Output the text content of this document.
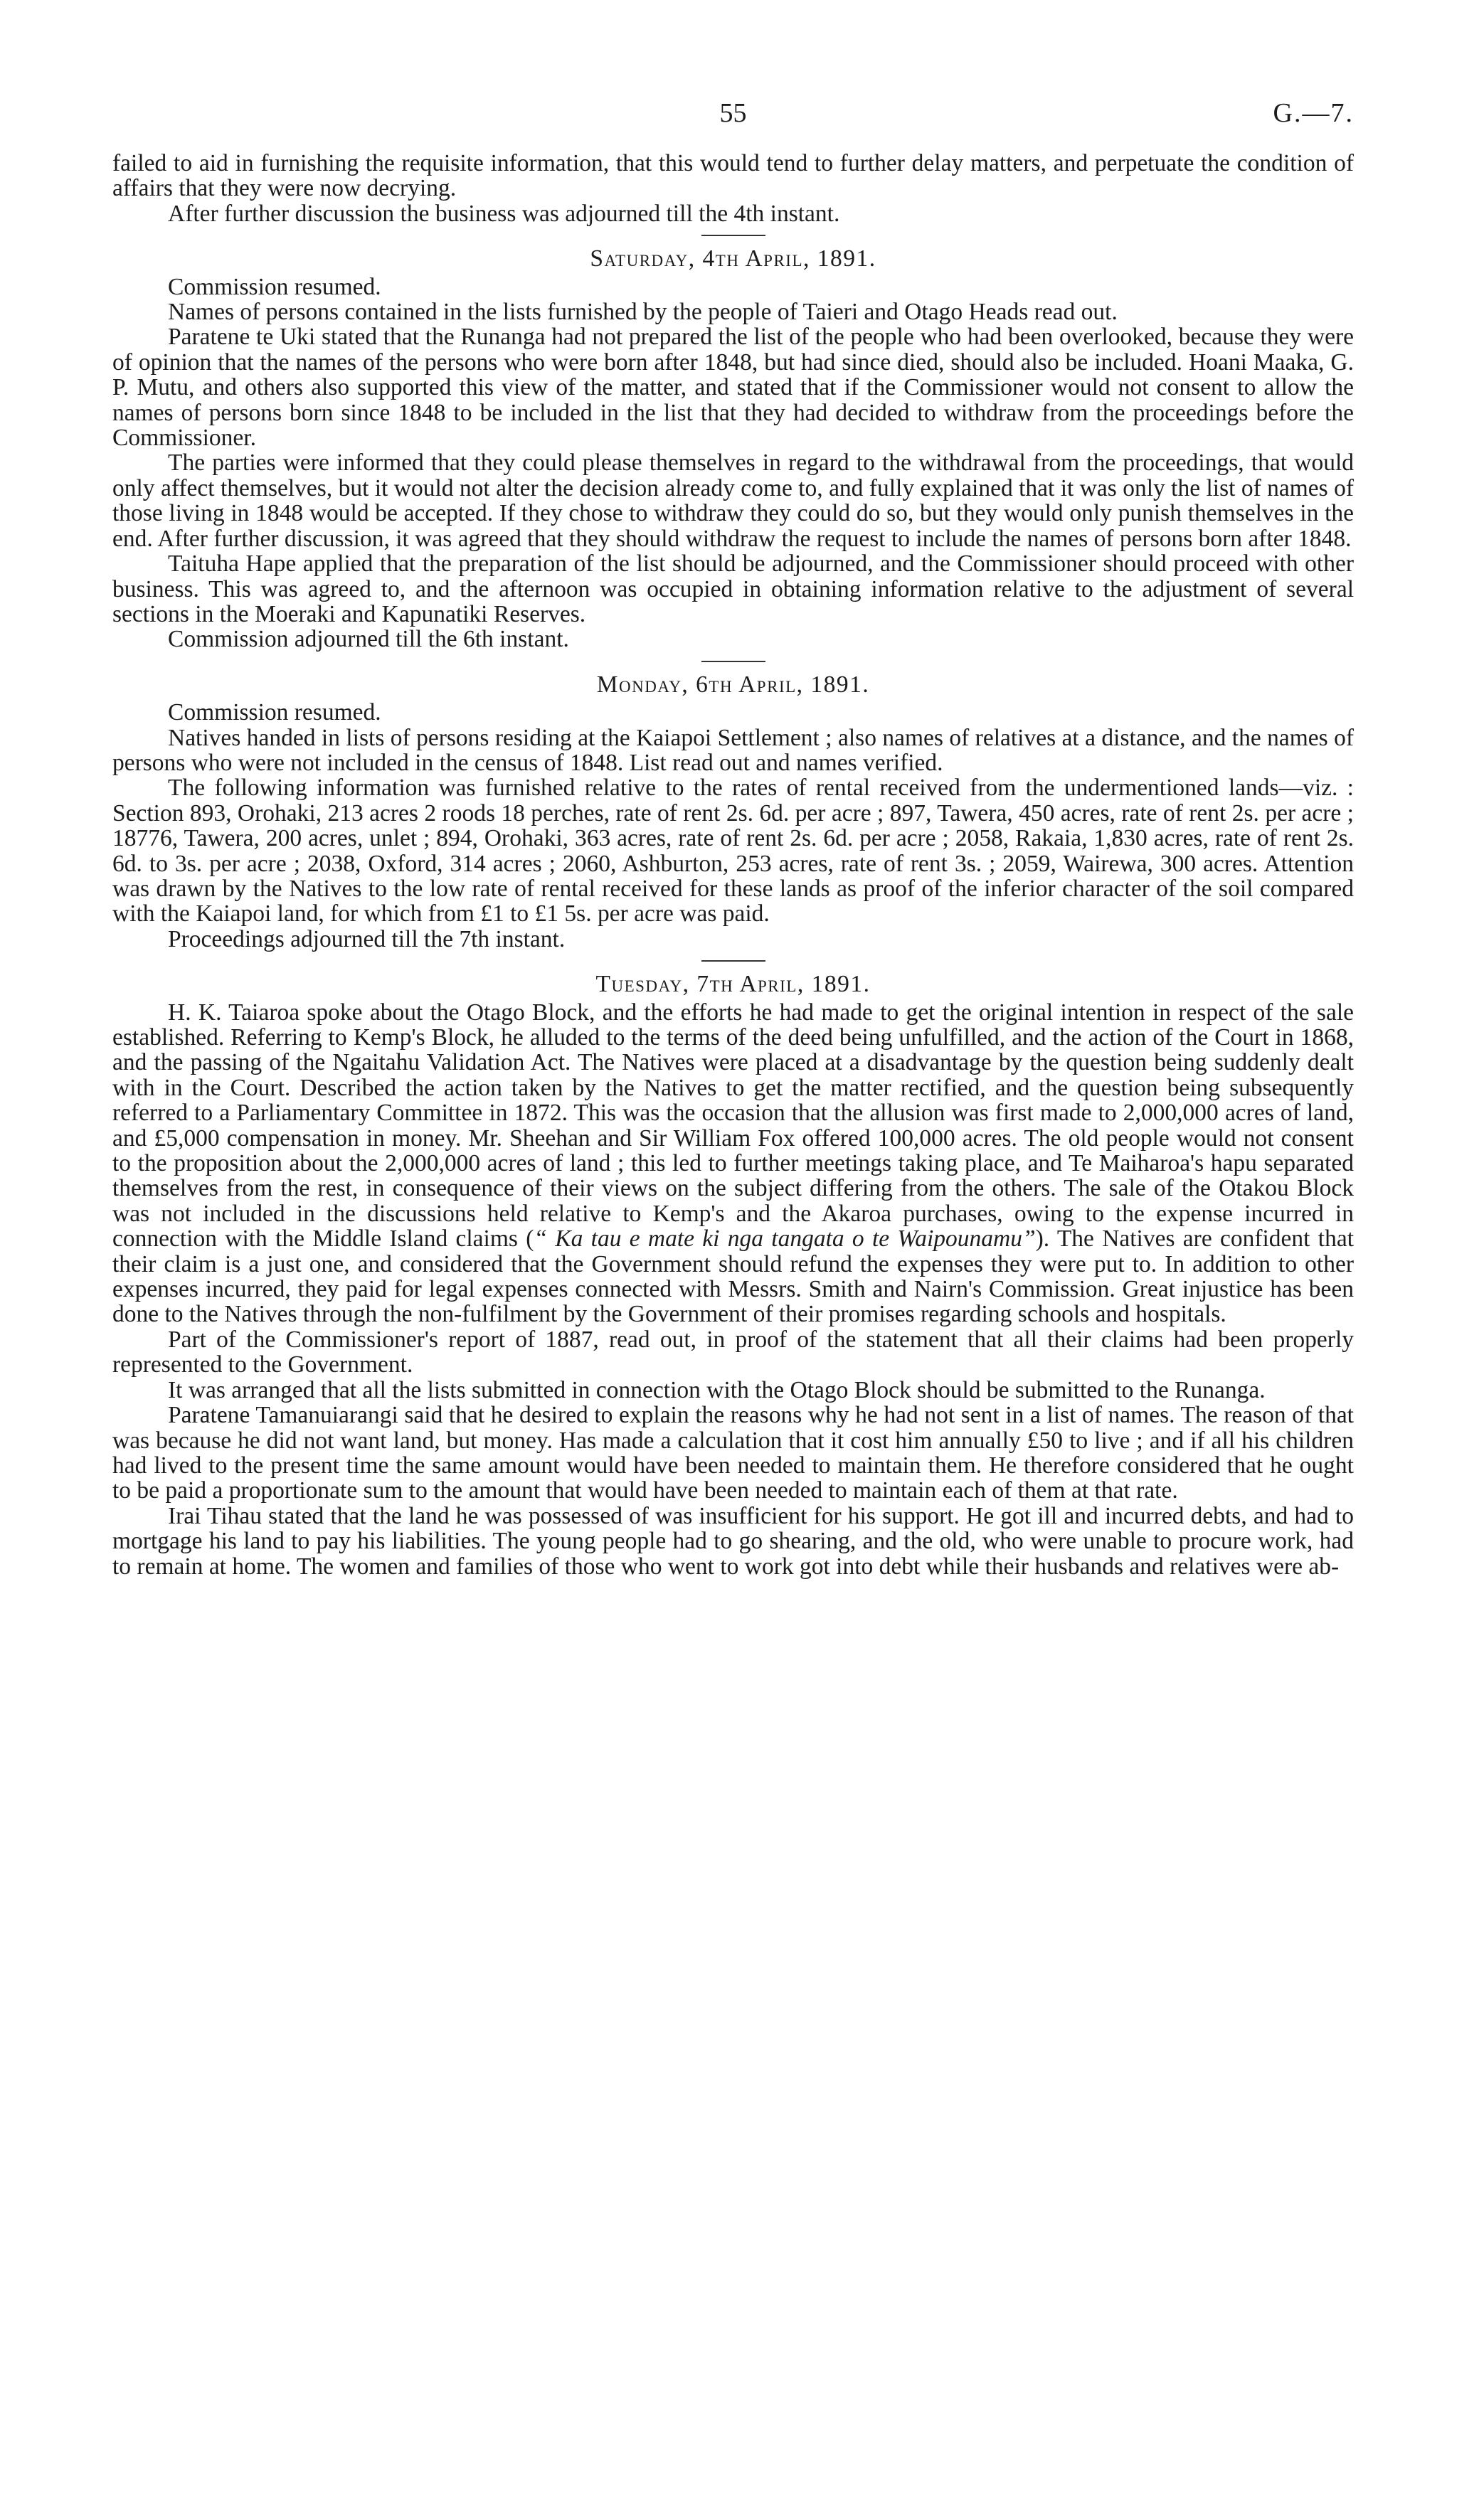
55	G.—7.

failed to aid in furnishing the requisite information, that this would tend to further delay matters, and perpetuate the condition of affairs that they were now decrying.

After further discussion the business was adjourned till the 4th instant.

Saturday, 4th April, 1891.

Commission resumed.

Names of persons contained in the lists furnished by the people of Taieri and Otago Heads read out.

Paratene te Uki stated that the Runanga had not prepared the list of the people who had been overlooked, because they were of opinion that the names of the persons who were born after 1848, but had since died, should also be included. Hoani Maaka, G. P. Mutu, and others also supported this view of the matter, and stated that if the Commissioner would not consent to allow the names of persons born since 1848 to be included in the list that they had decided to withdraw from the proceedings before the Commissioner.

The parties were informed that they could please themselves in regard to the withdrawal from the proceedings, that would only affect themselves, but it would not alter the decision already come to, and fully explained that it was only the list of names of those living in 1848 would be accepted. If they chose to withdraw they could do so, but they would only punish themselves in the end. After further discussion, it was agreed that they should withdraw the request to include the names of persons born after 1848.

Taituha Hape applied that the preparation of the list should be adjourned, and the Commissioner should proceed with other business. This was agreed to, and the afternoon was occupied in obtaining information relative to the adjustment of several sections in the Moeraki and Kapunatiki Reserves.

Commission adjourned till the 6th instant.

Monday, 6th April, 1891.

Commission resumed.

Natives handed in lists of persons residing at the Kaiapoi Settlement ; also names of relatives at a distance, and the names of persons who were not included in the census of 1848. List read out and names verified.

The following information was furnished relative to the rates of rental received from the undermentioned lands—viz. : Section 893, Orohaki, 213 acres 2 roods 18 perches, rate of rent 2s. 6d. per acre ; 897, Tawera, 450 acres, rate of rent 2s. per acre ; 18776, Tawera, 200 acres, unlet ; 894, Orohaki, 363 acres, rate of rent 2s. 6d. per acre ; 2058, Rakaia, 1,830 acres, rate of rent 2s. 6d. to 3s. per acre ; 2038, Oxford, 314 acres ; 2060, Ashburton, 253 acres, rate of rent 3s. ; 2059, Wairewa, 300 acres. Attention was drawn by the Natives to the low rate of rental received for these lands as proof of the inferior character of the soil compared with the Kaiapoi land, for which from £1 to £1 5s. per acre was paid.

Proceedings adjourned till the 7th instant.

Tuesday, 7th April, 1891.

H. K. Taiaroa spoke about the Otago Block, and the efforts he had made to get the original intention in respect of the sale established. Referring to Kemp's Block, he alluded to the terms of the deed being unfulfilled, and the action of the Court in 1868, and the passing of the Ngaitahu Validation Act. The Natives were placed at a disadvantage by the question being suddenly dealt with in the Court. Described the action taken by the Natives to get the matter rectified, and the question being subsequently referred to a Parliamentary Committee in 1872. This was the occasion that the allusion was first made to 2,000,000 acres of land, and £5,000 compensation in money. Mr. Sheehan and Sir William Fox offered 100,000 acres. The old people would not consent to the proposition about the 2,000,000 acres of land ; this led to further meetings taking place, and Te Maiharoa's hapu separated themselves from the rest, in consequence of their views on the subject differing from the others. The sale of the Otakou Block was not included in the discussions held relative to Kemp's and the Akaroa purchases, owing to the expense incurred in connection with the Middle Island claims (“ Ka tau e mate ki nga tangata o te Waipounamu”). The Natives are confident that their claim is a just one, and considered that the Government should refund the expenses they were put to. In addition to other expenses incurred, they paid for legal expenses connected with Messrs. Smith and Nairn's Commission. Great injustice has been done to the Natives through the non-fulfilment by the Government of their promises regarding schools and hospitals.

Part of the Commissioner's report of 1887, read out, in proof of the statement that all their claims had been properly represented to the Government.

It was arranged that all the lists submitted in connection with the Otago Block should be submitted to the Runanga.

Paratene Tamanuiarangi said that he desired to explain the reasons why he had not sent in a list of names. The reason of that was because he did not want land, but money. Has made a calculation that it cost him annually £50 to live ; and if all his children had lived to the present time the same amount would have been needed to maintain them. He therefore considered that he ought to be paid a proportionate sum to the amount that would have been needed to maintain each of them at that rate.

Irai Tihau stated that the land he was possessed of was insufficient for his support. He got ill and incurred debts, and had to mortgage his land to pay his liabilities. The young people had to go shearing, and the old, who were unable to procure work, had to remain at home. The women and families of those who went to work got into debt while their husbands and relatives were ab-
